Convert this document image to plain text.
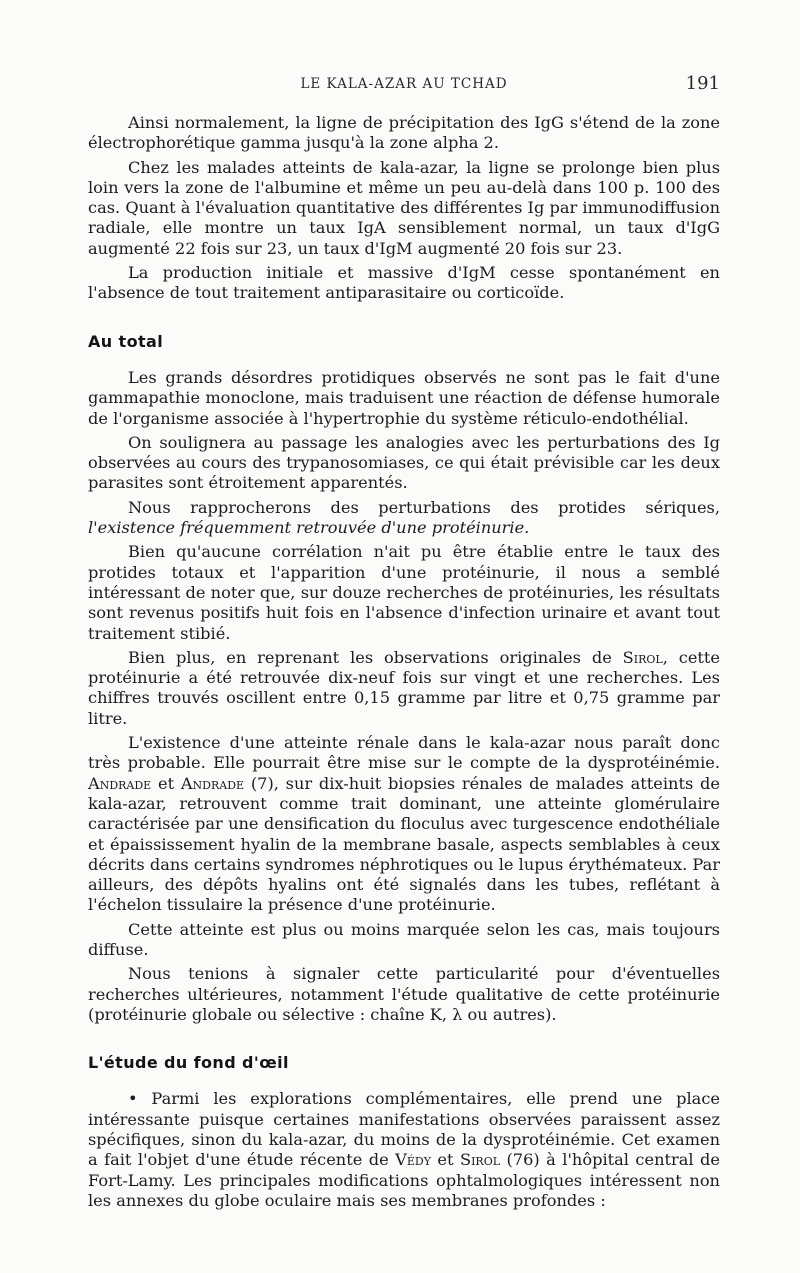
LE KALA-AZAR AU TCHAD	191

Ainsi normalement, la ligne de précipitation des IgG s'étend de la zone électrophorétique gamma jusqu'à la zone alpha 2.

Chez les malades atteints de kala-azar, la ligne se prolonge bien plus loin vers la zone de l'albumine et même un peu au-delà dans 100 p. 100 des cas. Quant à l'évaluation quantitative des différentes Ig par immunodiffusion radiale, elle montre un taux IgA sensiblement normal, un taux d'IgG augmenté 22 fois sur 23, un taux d'IgM augmenté 20 fois sur 23.

La production initiale et massive d'IgM cesse spontanément en l'absence de tout traitement antiparasitaire ou corticoïde.

Au total

Les grands désordres protidiques observés ne sont pas le fait d'une gammapathie monoclone, mais traduisent une réaction de défense humorale de l'organisme associée à l'hypertrophie du système réticulo-endothélial.

On soulignera au passage les analogies avec les perturbations des Ig observées au cours des trypanosomiases, ce qui était prévisible car les deux parasites sont étroitement apparentés.

Nous rapprocherons des perturbations des protides sériques, l'existence fréquemment retrouvée d'une protéinurie.

Bien qu'aucune corrélation n'ait pu être établie entre le taux des protides totaux et l'apparition d'une protéinurie, il nous a semblé intéressant de noter que, sur douze recherches de protéinuries, les résultats sont revenus positifs huit fois en l'absence d'infection urinaire et avant tout traitement stibié.

Bien plus, en reprenant les observations originales de Sirol, cette protéinurie a été retrouvée dix-neuf fois sur vingt et une recherches. Les chiffres trouvés oscillent entre 0,15 gramme par litre et 0,75 gramme par litre.

L'existence d'une atteinte rénale dans le kala-azar nous paraît donc très probable. Elle pourrait être mise sur le compte de la dysprotéinémie. Andrade et Andrade (7), sur dix-huit biopsies rénales de malades atteints de kala-azar, retrouvent comme trait dominant, une atteinte glomérulaire caractérisée par une densification du floculus avec turgescence endothéliale et épaississement hyalin de la membrane basale, aspects semblables à ceux décrits dans certains syndromes néphrotiques ou le lupus érythémateux. Par ailleurs, des dépôts hyalins ont été signalés dans les tubes, reflétant à l'échelon tissulaire la présence d'une protéinurie.

Cette atteinte est plus ou moins marquée selon les cas, mais toujours diffuse.

Nous tenions à signaler cette particularité pour d'éventuelles recherches ultérieures, notamment l'étude qualitative de cette protéinurie (protéinurie globale ou sélective : chaîne K, λ ou autres).

L'étude du fond d'œil

• Parmi les explorations complémentaires, elle prend une place intéressante puisque certaines manifestations observées paraissent assez spécifiques, sinon du kala-azar, du moins de la dysprotéinémie. Cet examen a fait l'objet d'une étude récente de Védy et Sirol (76) à l'hôpital central de Fort-Lamy. Les principales modifications ophtalmologiques intéressent non les annexes du globe oculaire mais ses membranes profondes :
